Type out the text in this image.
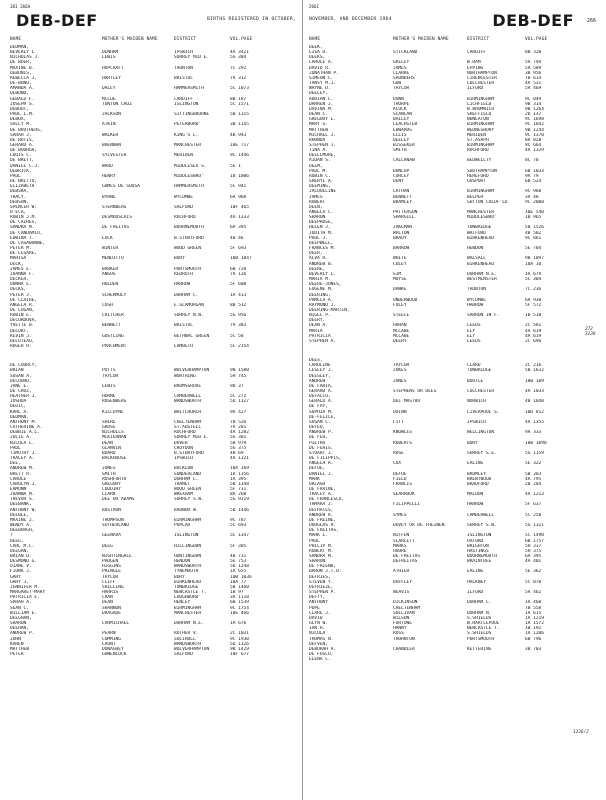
381 266A
DEB-DEF	BIRTHS REGISTERED IN OCTOBER,
NAME	MOTHER'S MAIDEN NAME	DISTRICT	VOL.PAGE
DEDMAN,
BEVERLY L	DENHAM	IPSWICH	4A 3421
NICHOLAS J.	LEWIS	SURREY MID E.	5G 304
DE BOER,
MAXINE B.	HOPCRAFT	TAUNTON	7C 292
DEBONIS,
REBECCA J.	HARTLEY	BRISTOL	7A 312
DE-BONO,
AMANDA A.	DALEY	HAMMERSMITH	5C 1073
DEBONO,
GERALD F.	MCCUE	CARDIFF	8B 187
JOSEPH S.	TUNTON CRUZ	ISLINGTON	5C 1571
DEBOUT,
PAUL L.M.	JACKSON	SITTINGBOURNE	5B 1315
DEBOX,
SALLY M.	ATKIN	PETERBORO'	3B 1145
DE BROTHERS,
SARAH J.	WALKER	KING'S L.	4B 943
DE BOTIS,
GERARD A.	BRENNAN	MANCHESTER	10E 717
DE BOURGH,
LOUIS C.	SYLVESTER	MERIDEN	9C 1446
DE BRETT,
DANIEL C.J.	WARD	MIDDLESEX S.	5E 1
DEBRICK,
PAUL	HENRY	MIDDLESBRO'	1B 1006
DE BRITTO,
ELIZABETH	GOMES DE SOUSA	HAMMERSMITH	5C 941
DEBSKA,
TRACY.	BYRNE	WYCOMBE	6A 968
DEBSON,
SPENCER W.	STERNBERG	SALFORD	10F 465
D'ECA,
ROBIN J.M.	DESMOUSLAIS	ROCHFORD	4A 1333
DE CAIRES,
SANDRA M.	DE FREITAS	BOURNEMOUTH	6A 395
DE CANDAMIO,
EDWINA T.	LOCK	B.STORTFORD	4B 46
DE CASABONNE,
PETER M.	WINTER	WOOD GREEN	5F 693
DE CESARE,
MARISA	MENDITTO	BURY	10B 1047
DECK,
JAMES E.	BARKER	PORTSMOUTH	6B 728
JOANNA F.	ANGUS	REDRUTH	7A 126
DECKER,
DONNA E.	HOLDEN	HARROW	5F 608
DECKS,
PETER J.	SCHERMULY	DURHAM C.	1A 413
DE CLAIRE,
ANGELA R.	COSH	E.GLAMORGAN	8B 532
DE COGAN,
ROBIN E.	CRITCHER	SURREY N.W.	5G 956
DECORDOVA,
YVETTE B.	BENNETT	BRISTOL	7A 383
DECORT,
KEVIN J.	GOSTLING	BETHNAL GREEN	5C 58
DECOTEAU,
ROGER H.	PARCHMENT	LAMBETH	5C 2154
DE COURCY,
BRIAN	POTTS	WOLVERHAMPTON	9B 1580
SUSAN A.	TAYLOR	WORTHING	5H 745
DECOURD,
JANE E.	LEWIS	BROMSGROVE	9D 37
DE CRUZ,
HEATHER J.	HORNE	CAMBERWELL	5C 272
JOSHUA	ROSENBERG	WANDSWORTH	5D 1127
DEDIC,
KARL A.	KILCOYNE	WHITCHURCH	9A 427
DEDMAN,
ANTHONY M.	SHIRE	CHELTENHAM	7B 526
CATHERINE A.	GROSE	ST.AUSTELL	7A 201
DEBBIE A.L.	NICHOLLS	ROCHFORD	4A 1282
JULIE A.	MCKIERNAN	SURREY MID E.	5G 301
NICOLA L.	DEAN	DOVER	5B 979
PAUL	GLANVIN	CROYDON	5G 375
TIMOTHY J.	BOARD	B.STORTFORD	4B 69
TRACEY A.	BACKHOUSE	IPSWICH	4A 1321
DEE,
ANDREW M.	JONES	BUCKLOW	10A 369
BRETT R.	SMITH	SUNDERLAND	1A 1356
CAROLE	RUSHFORTH	DURHAM C.	1A 395
CAROLYN J.	GREGORY	THANET	5B 1348
EAMONN	CUDDIHY	WOOD GREEN	5F 731
JOANNA M.	CLARK	WREXHAM	8A 260
TREVOR S.	DEE OR ADAMS	SURREY S.W.	5G 9319
DEEBANK,
ANTHONY W.	ROSTRON	RADNOR W.	5D 1446
DEEBLE,
MAXINE J.	THOMPSON	BIRMINGHAM	9C 787
WENDY A.	SUTHERLAND	POPLAR	5C 693
DEEBURGH,
?	GEENAVA	ISLINGTON	5C 1347
DEEG,
CARL M.C.	DEEG	HILLINGDON	5F 305
DEEGAN,
BRIAN D.	NIGHTINGALE	HUNTINGDON	4B 731
DESMOND G.	PADGEN	HENDON	5E 753
DIANE V.	HIGGINS	WANDSWORTH	5D 1248
FIONA J.	PRINGLE	TYNEMOUTH	1A 655
GARY	TAYLOR	BURY	10B 1036
GARY J.	CLIFF	BIRKENHEAD	10A 77
JENNIFER M.	SHILLING	TONBRIDGE	5B 1460
MARGARET-MARY	HARRIS	NEWCASTLE T.	1B 97
PATRICIA E.	CRAN	LOUGHBORO'	3A 1118
SARAH A.	DEAN	HENLEY	6B 1539
SEAN C.	SHANNON	BIRMINGHAM	9C 1754
WILLIAM E.	DRAGADE	MANCHESTER	10E 466
DEEGHAN,
SHARON	CARMICHAEL	DURHAM N.E.	1A 676
DEEHAN,
ANDREW P.	PEARN	ROTHER V.	2C 1031
JOHN	CUMMING	SOLIHULL	9C 1930
KAREN	LAUNT	WANDSWORTH	5D 1126
MATTHEW	DONAGHEY	WOLVERHAMPTON	9B 1429
PETER	GOWENLOCK	SALFORD	10F 677
266C
NOVEMBER, AND DECEMBER 1964	DEB-DEF	266
NAME	MOTHER'S MAIDEN NAME	DISTRICT	VOL.PAGE
DEEK,
LISA D.	STICKLAND	CARDIFF	8B 320
DEEKS,
CAROLE A.	GALLEY	W.HAM	5A 794
DAVID R.	JAMES	EPPING	5A 589
JONATHAN P.	CLARKE	NORTHAMPTON	3B 956
SIMEON C.	SAUNDERS	CIRENCESTER	7B 614
TANSY M.J.	GOW	COLCHESTER	4A 531
WAYNE D.	TAYLOR	ILFORD	5A 469
DEELEY,
ADRIAN C.	DUNN	BIRMINGHAM	9C 849
DARREN J.	THORPE	LICHFIELD	9B 314
DAVINA M.	ACOCK	W.BROMWICH	9B 1264
DEAN C.	SCANLAN	SHEFFIELD	2D 137
GREGORY L.	BAILEY	NUNEATON	9C 1698
MARY S.	LEACHSTER	BIRMINGHAM	9C 1842
MATTHEW	EDWARDS	WEDNESBURY	9B 1244
MICHAEL J.	ELLIS	MERIDEN	9C 1370
RHONDA	DEELEY	ST.ASAPH	8A 828
STEPHEN J.	BISSEKER	BIRMINGHAM	9C 664
TINA A.	SMITH	ROCHFORD	4A 1329
DEELLMORE,
AIDAN S.	CALLANAN	BEDWELLTY	8C 70
DEEM,
PAUL M.	DUNLOP	SOUTHAMPTON	6B 1033
ROBIN C.	CURLEY	HEREFORD	9A 79
SHERYL A.	DENY	GOSPORT	6B 524
DEEMING,
JACQUELINE	LATHAN	BIRMINGHAM	9C 968
JAMES	BENNETT	BELPER	3A 48
ROBERT	BRAMLEY	SUTTON COLDF'LD	9C 2008
DEEN,
ANGELA C.	PATTERSON	MANCHESTER	10E 540
SHARON	SHARGILL	MIDDLESBRO'	1B 965
DEEPROSE,
HELEN J.	JAKEMAN	TONBRIDGE	5B 1526
JUDITH M.	WALTON	WATFORD	4B 582
PAUL J.	BRADY	BIRKENHEAD	9C 861
DEEPWELL,
FRANCES M.	BARROW	HENDON	5E 704
DEER,
ALVA R.	WHITE	WALSALL	9B 1097
ANDREW B.	COLEY	BIRKENHEAD	10A 10
DEERE,
BEVERLY L.	SIM	DURHAM N.E.	1A 679
MARIA M.	MOYSE	WESTMINSTER	5C 304
DEERE-JONES,
EUGENE M.	DAWKE	TAUNTON	7C 236
DEERING,
PAMELA A.	UNDERWOOD	WYCOMBE	6A 930
RAYMOND J.	FOLEY	HARROW	5F 572
DEERING-MARTIN,
NIGEL P.	STEELE	SARRON IN F.	1B 510
DEERY,
DEAN A.	HORAN	LEEDS	2C 581
MARIA	MCCABE	ELY	4A 619
PATRICIA	MCCABE	ELY	4A 619
STEPHEN A.	DEERY	LEEDS	2C 696
DEES,
CAROLINE	TAYLOR	CLARD	2C 216
LESLEY J.	JUKES	TONBRIDGE	5B 1632
DEESLEY,
ANDREW	JONES	BOOTLE	10B 109
DE FARIA,
GERARD A.	STEPHENS OR DEES	COLCHESTER	4A 1033
DEFALCO,
GERALD A.	DEL MASTRO	NORWICH	4B 1040
DE FAY,
SOPHIA M.	QUINN	LIVERPOOL S.	10D 812
DE-FELICE,
SUSAN C.	FITT	IPSWICH	4A 1355
DEFEO,
ANDREW P.	KNOWLES	WELLINGTON	9A 333
DE FEO,
PIETRO	ROBERTS	BURY	10B 1090
DE FERIS,
STUART J.	ROSE	SURREY S.E.	5G 1159
DE FILIPPIS,
ANGELA R.	COX	EALING	5E 322
DEFOE,
DANIEL J.	DEFOE	BROMLEY	5B 383
MARK	FIELD	BRENTWOOD	4A 795
ORLAGH	FRANCIS	BRADFORD	2B 284
DE FRAINE,
TRACEY A.	SEARROOK	MALDON	4A 1213
DE FRANCESCO,
TAMARA J.	FILIPPELLI	HARROW	5F 637
DEFRATES,
ANDREW R.	SYMES	CAMBERWELL	5C 250
DE FREINE,
DOUGLAS R.	DOVEY OR DE FREINEN	SURREY S.W.	5G 1321
DE FREITAS,
MARK L.	NIFFEN	ISLINGTON	5C 1490
PAUL	SCARLETT	OXFORD	6B 1757
PHILIP M.	MARKS	BRIGHTON	5H 337
ROBERT M.	HOORE	HASTINGS	5H 375
SANDRA M.	DE FREITAS	BOURNEMOUTH	6A 395
SHARON	DEFREITAS	BRAINTREE	4A 401
DE FRIEND,
DARON J.T.D.	ATHIER	EALING	5E 362
DEFRIES,
STEVEN Y.	DUFFLEY	HACKNEY	5C 870
DEFRIEZE,
STEPHEN P.	NEAVIS	ILFORD	5A 462
DEFTY,
ANTHONY	DICKINSON	DURHAM C.	1A 460
POPE	CHELTENHAM	7B 558
CLARE J.	SULLIVAN	DURHAM N.	1A 615
DAVID	WILSON	S.SHIELDS	1A 1219
GLYN W.	FORTUNE	W.HARTLEPOOL	1A 1572
IAN H.	HANNY	NEWCASTLE T.	1B 192
NICOLA	ROSS	S.SHIELDS	1A 1206
THOMAS N.	THORNTON	PORTSMOUTH	6B 796
DEFVEN,
DEBORAH A.	CHANDLER	KETTERING	3B 703
DE FUSCO,
ELENA C.
272 3238
1236/2
